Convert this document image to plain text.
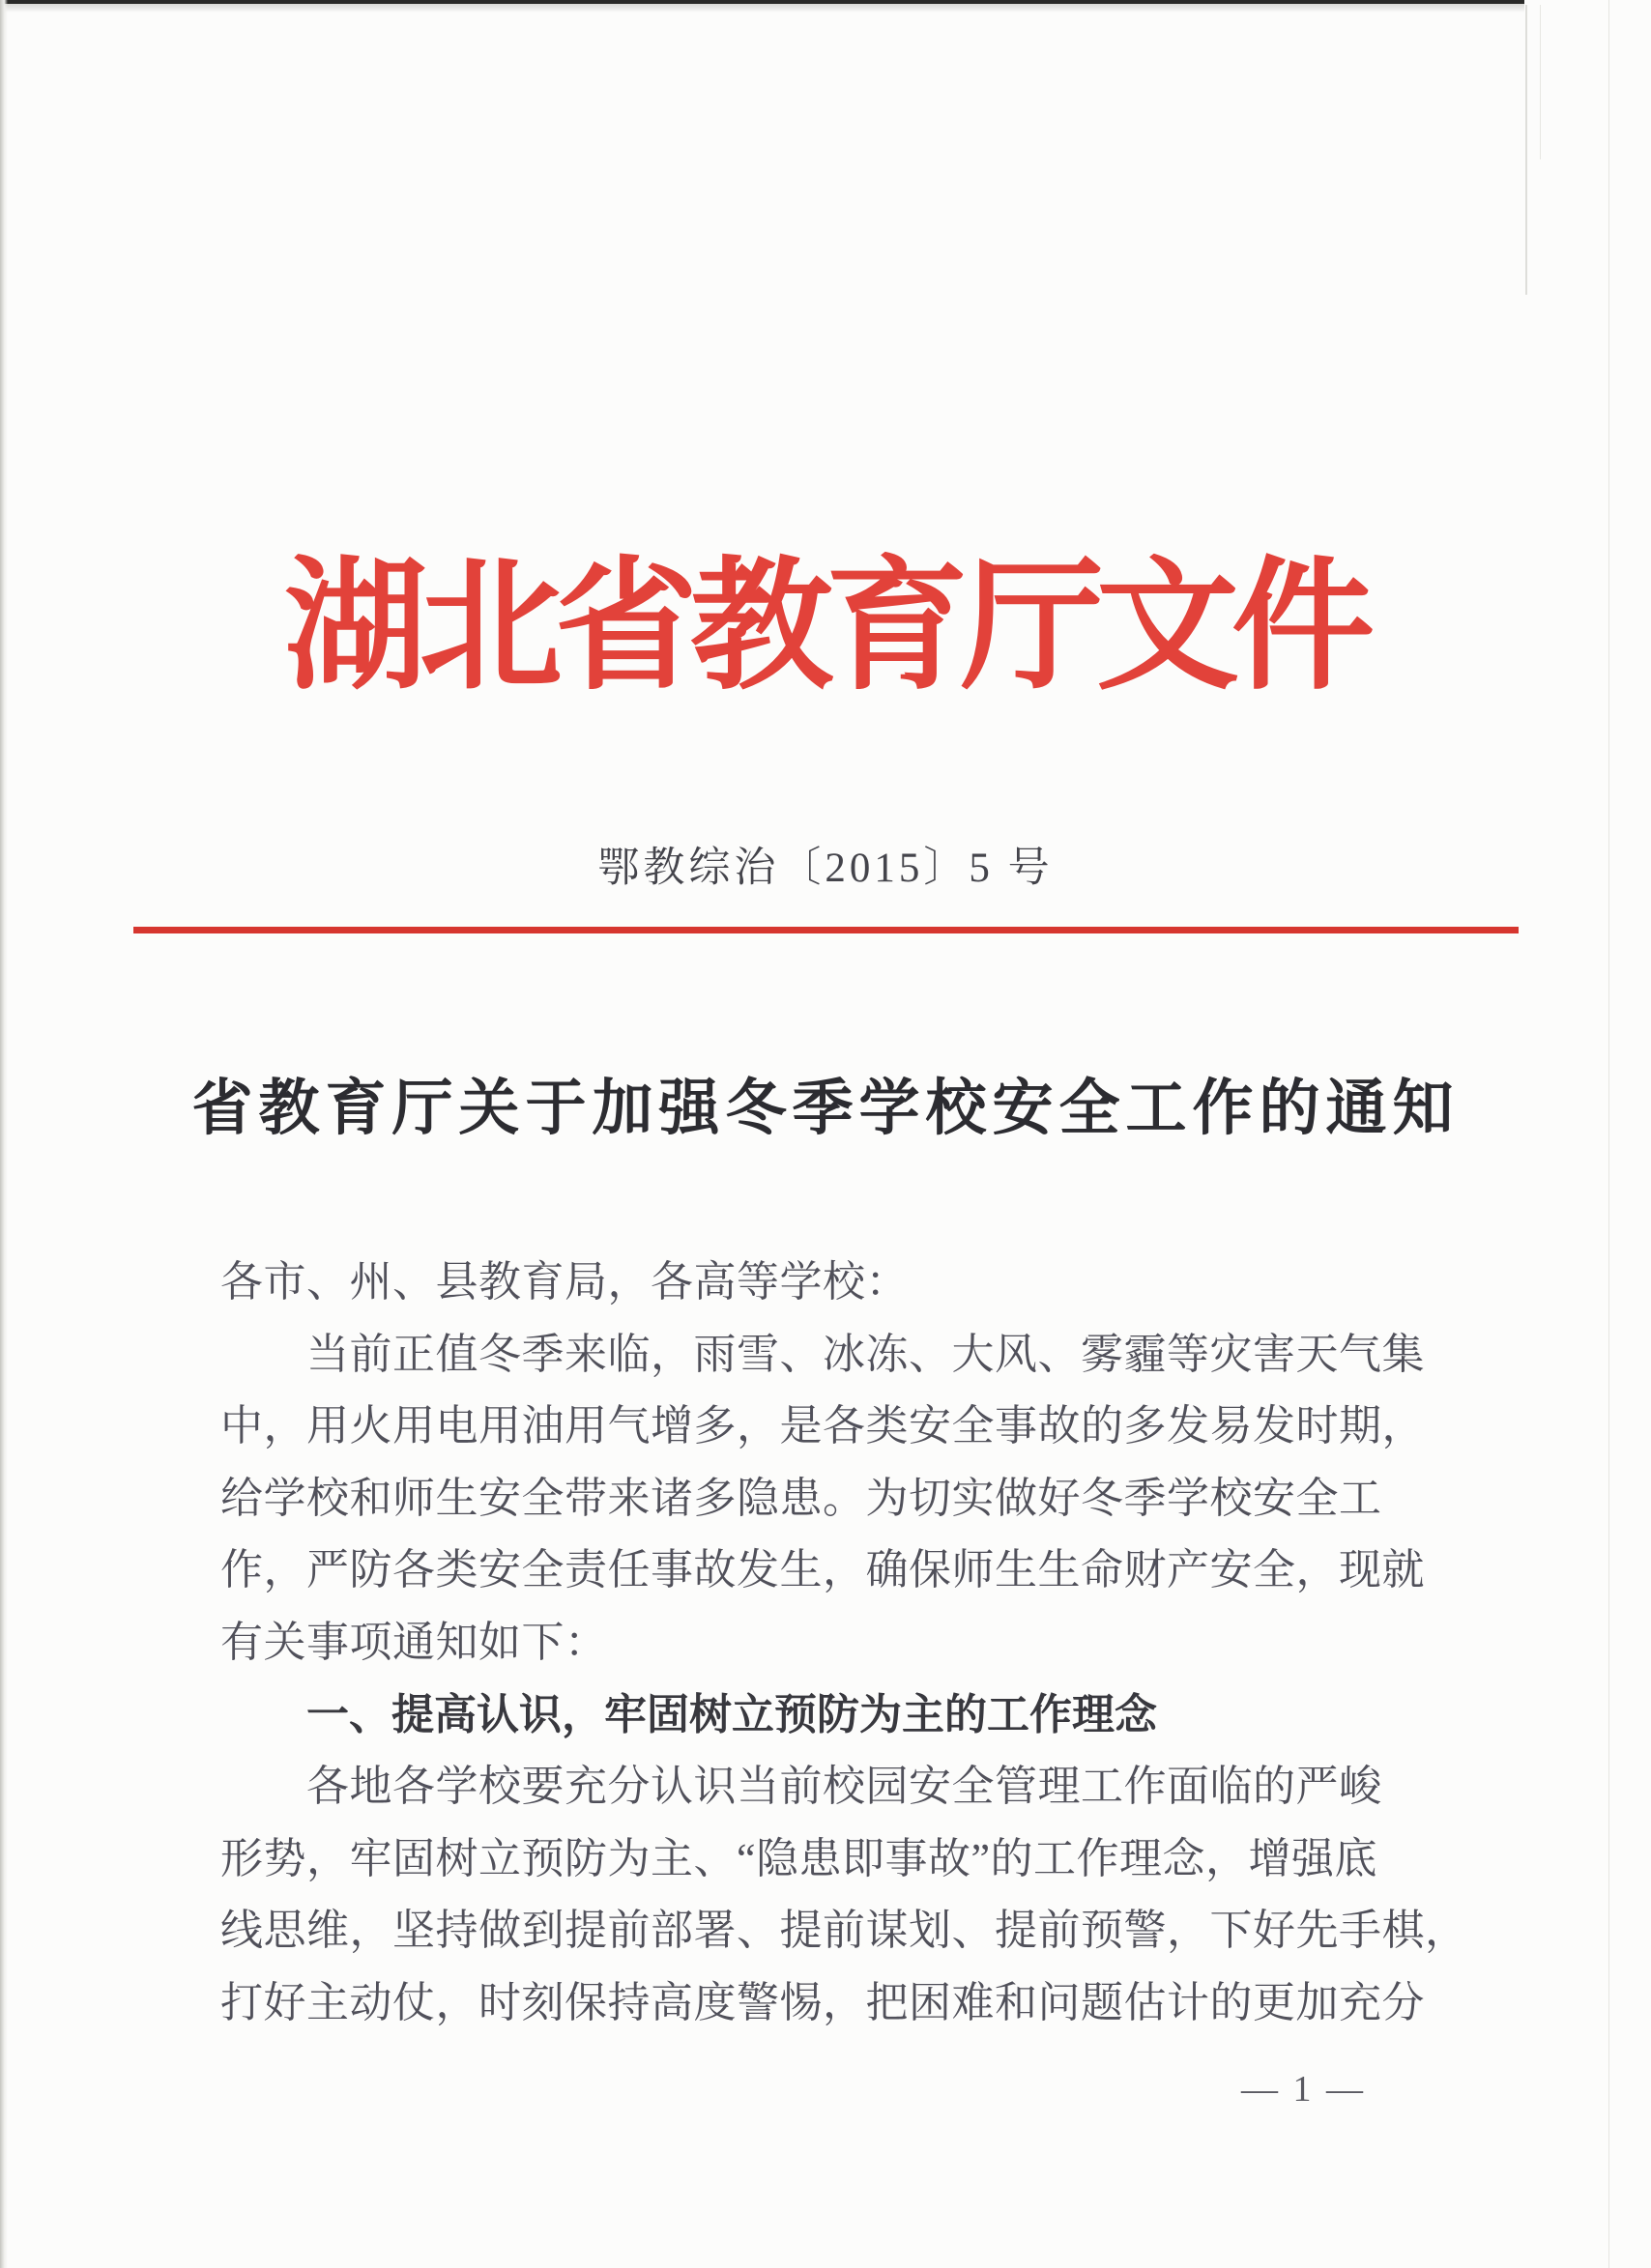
湖北省教育厅文件
鄂教综治〔2015〕5 号
省教育厅关于加强冬季学校安全工作的通知
各市、州、县教育局，各高等学校：
当前正值冬季来临，雨雪、冰冻、大风、雾霾等灾害天气集
中，用火用电用油用气增多，是各类安全事故的多发易发时期，
给学校和师生安全带来诸多隐患。为切实做好冬季学校安全工
作，严防各类安全责任事故发生，确保师生生命财产安全，现就
有关事项通知如下：
一、提高认识，牢固树立预防为主的工作理念
各地各学校要充分认识当前校园安全管理工作面临的严峻
形势，牢固树立预防为主、“隐患即事故”的工作理念，增强底
线思维，坚持做到提前部署、提前谋划、提前预警，下好先手棋，
打好主动仗，时刻保持高度警惕，把困难和问题估计的更加充分
— 1 —
